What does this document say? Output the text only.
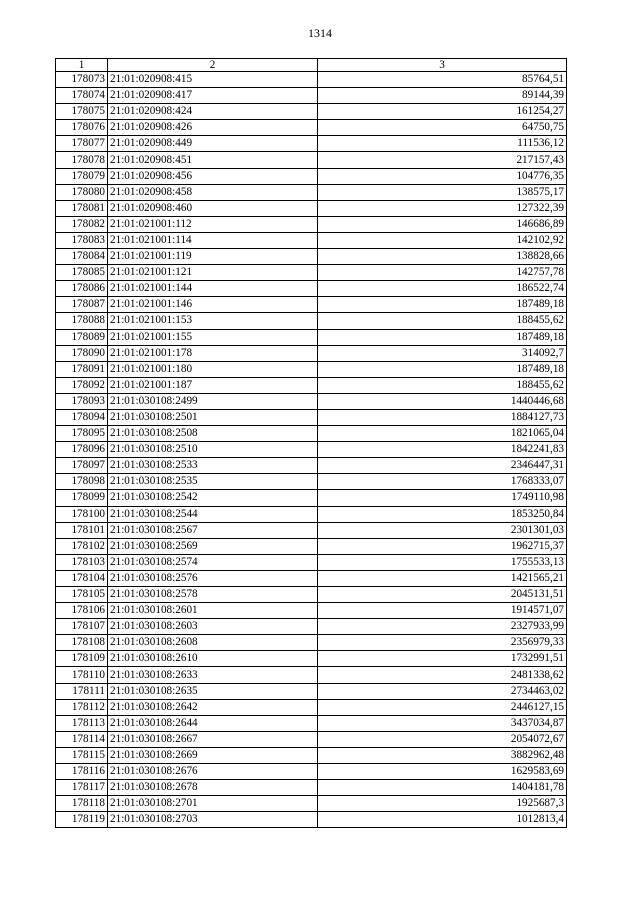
1314
1	2	3
178073	21:01:020908:415	85764,51
178074	21:01:020908:417	89144,39
178075	21:01:020908:424	161254,27
178076	21:01:020908:426	64750,75
178077	21:01:020908:449	111536,12
178078	21:01:020908:451	217157,43
178079	21:01:020908:456	104776,35
178080	21:01:020908:458	138575,17
178081	21:01:020908:460	127322,39
178082	21:01:021001:112	146686,89
178083	21:01:021001:114	142102,92
178084	21:01:021001:119	138828,66
178085	21:01:021001:121	142757,78
178086	21:01:021001:144	186522,74
178087	21:01:021001:146	187489,18
178088	21:01:021001:153	188455,62
178089	21:01:021001:155	187489,18
178090	21:01:021001:178	314092,7
178091	21:01:021001:180	187489,18
178092	21:01:021001:187	188455,62
178093	21:01:030108:2499	1440446,68
178094	21:01:030108:2501	1884127,73
178095	21:01:030108:2508	1821065,04
178096	21:01:030108:2510	1842241,83
178097	21:01:030108:2533	2346447,31
178098	21:01:030108:2535	1768333,07
178099	21:01:030108:2542	1749110,98
178100	21:01:030108:2544	1853250,84
178101	21:01:030108:2567	2301301,03
178102	21:01:030108:2569	1962715,37
178103	21:01:030108:2574	1755533,13
178104	21:01:030108:2576	1421565,21
178105	21:01:030108:2578	2045131,51
178106	21:01:030108:2601	1914571,07
178107	21:01:030108:2603	2327933,99
178108	21:01:030108:2608	2356979,33
178109	21:01:030108:2610	1732991,51
178110	21:01:030108:2633	2481338,62
178111	21:01:030108:2635	2734463,02
178112	21:01:030108:2642	2446127,15
178113	21:01:030108:2644	3437034,87
178114	21:01:030108:2667	2054072,67
178115	21:01:030108:2669	3882962,48
178116	21:01:030108:2676	1629583,69
178117	21:01:030108:2678	1404181,78
178118	21:01:030108:2701	1925687,3
178119	21:01:030108:2703	1012813,4
